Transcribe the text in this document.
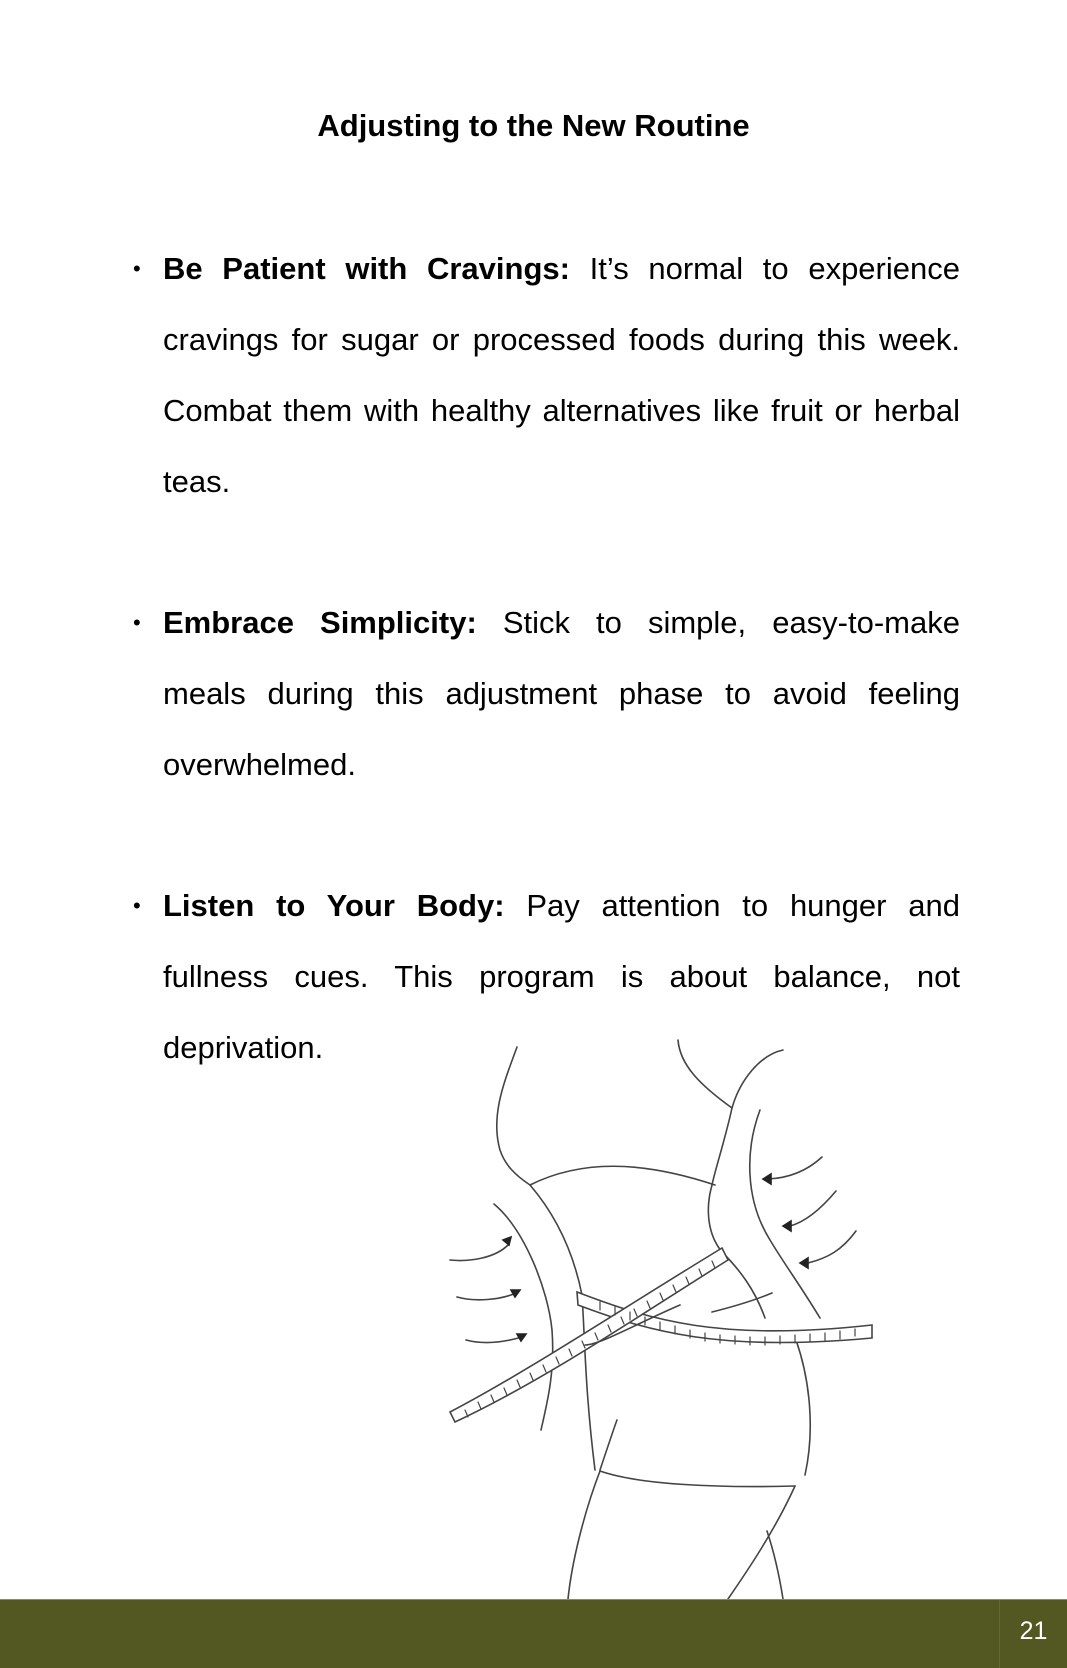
Adjusting to the New Routine
• Be Patient with Cravings: It’s normal to experience cravings for sugar or processed foods during this week. Combat them with healthy alternatives like fruit or herbal teas.
• Embrace Simplicity: Stick to simple, easy-to-make meals during this adjustment phase to avoid feeling overwhelmed.
• Listen to Your Body: Pay attention to hunger and fullness cues. This program is about balance, not deprivation.
21
